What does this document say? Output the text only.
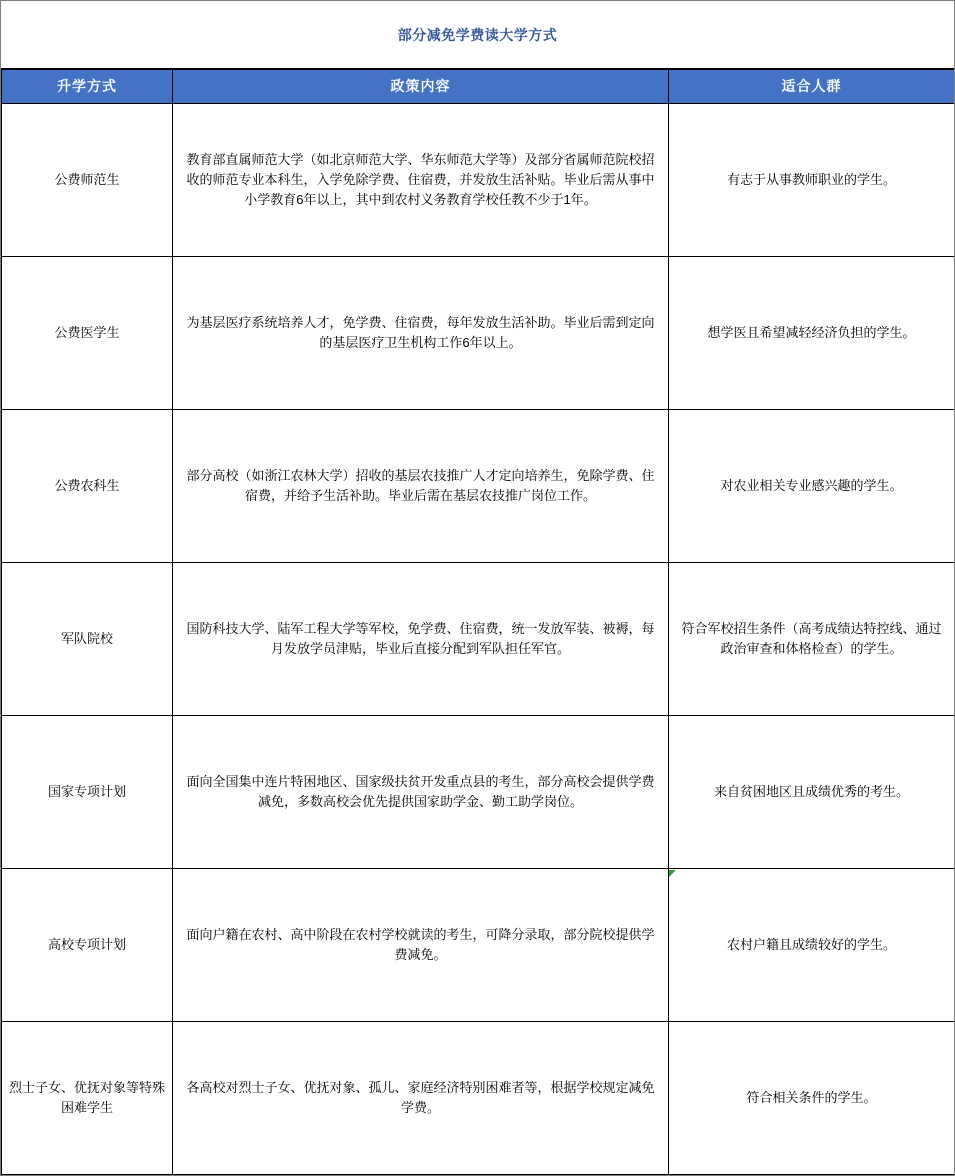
部分减免学费读大学方式
升学方式	政策内容	适合人群
公费师范生	教育部直属师范大学（如北京师范大学、华东师范大学等）及部分省属师范院校招收的师范专业本科生，入学免除学费、住宿费，并发放生活补贴。毕业后需从事中小学教育6年以上，其中到农村义务教育学校任教不少于1年。	有志于从事教师职业的学生。
公费医学生	为基层医疗系统培养人才，免学费、住宿费，每年发放生活补助。毕业后需到定向的基层医疗卫生机构工作6年以上。	想学医且希望减轻经济负担的学生。
公费农科生	部分高校（如浙江农林大学）招收的基层农技推广人才定向培养生，免除学费、住宿费，并给予生活补助。毕业后需在基层农技推广岗位工作。	对农业相关专业感兴趣的学生。
军队院校	国防科技大学、陆军工程大学等军校，免学费、住宿费，统一发放军装、被褥，每月发放学员津贴，毕业后直接分配到军队担任军官。	符合军校招生条件（高考成绩达特控线、通过政治审查和体格检查）的学生。
国家专项计划	面向全国集中连片特困地区、国家级扶贫开发重点县的考生，部分高校会提供学费减免，多数高校会优先提供国家助学金、勤工助学岗位。	来自贫困地区且成绩优秀的考生。
高校专项计划	面向户籍在农村、高中阶段在农村学校就读的考生，可降分录取，部分院校提供学费减免。	农村户籍且成绩较好的学生。
烈士子女、优抚对象等特殊困难学生	各高校对烈士子女、优抚对象、孤儿、家庭经济特别困难者等，根据学校规定减免学费。	符合相关条件的学生。
